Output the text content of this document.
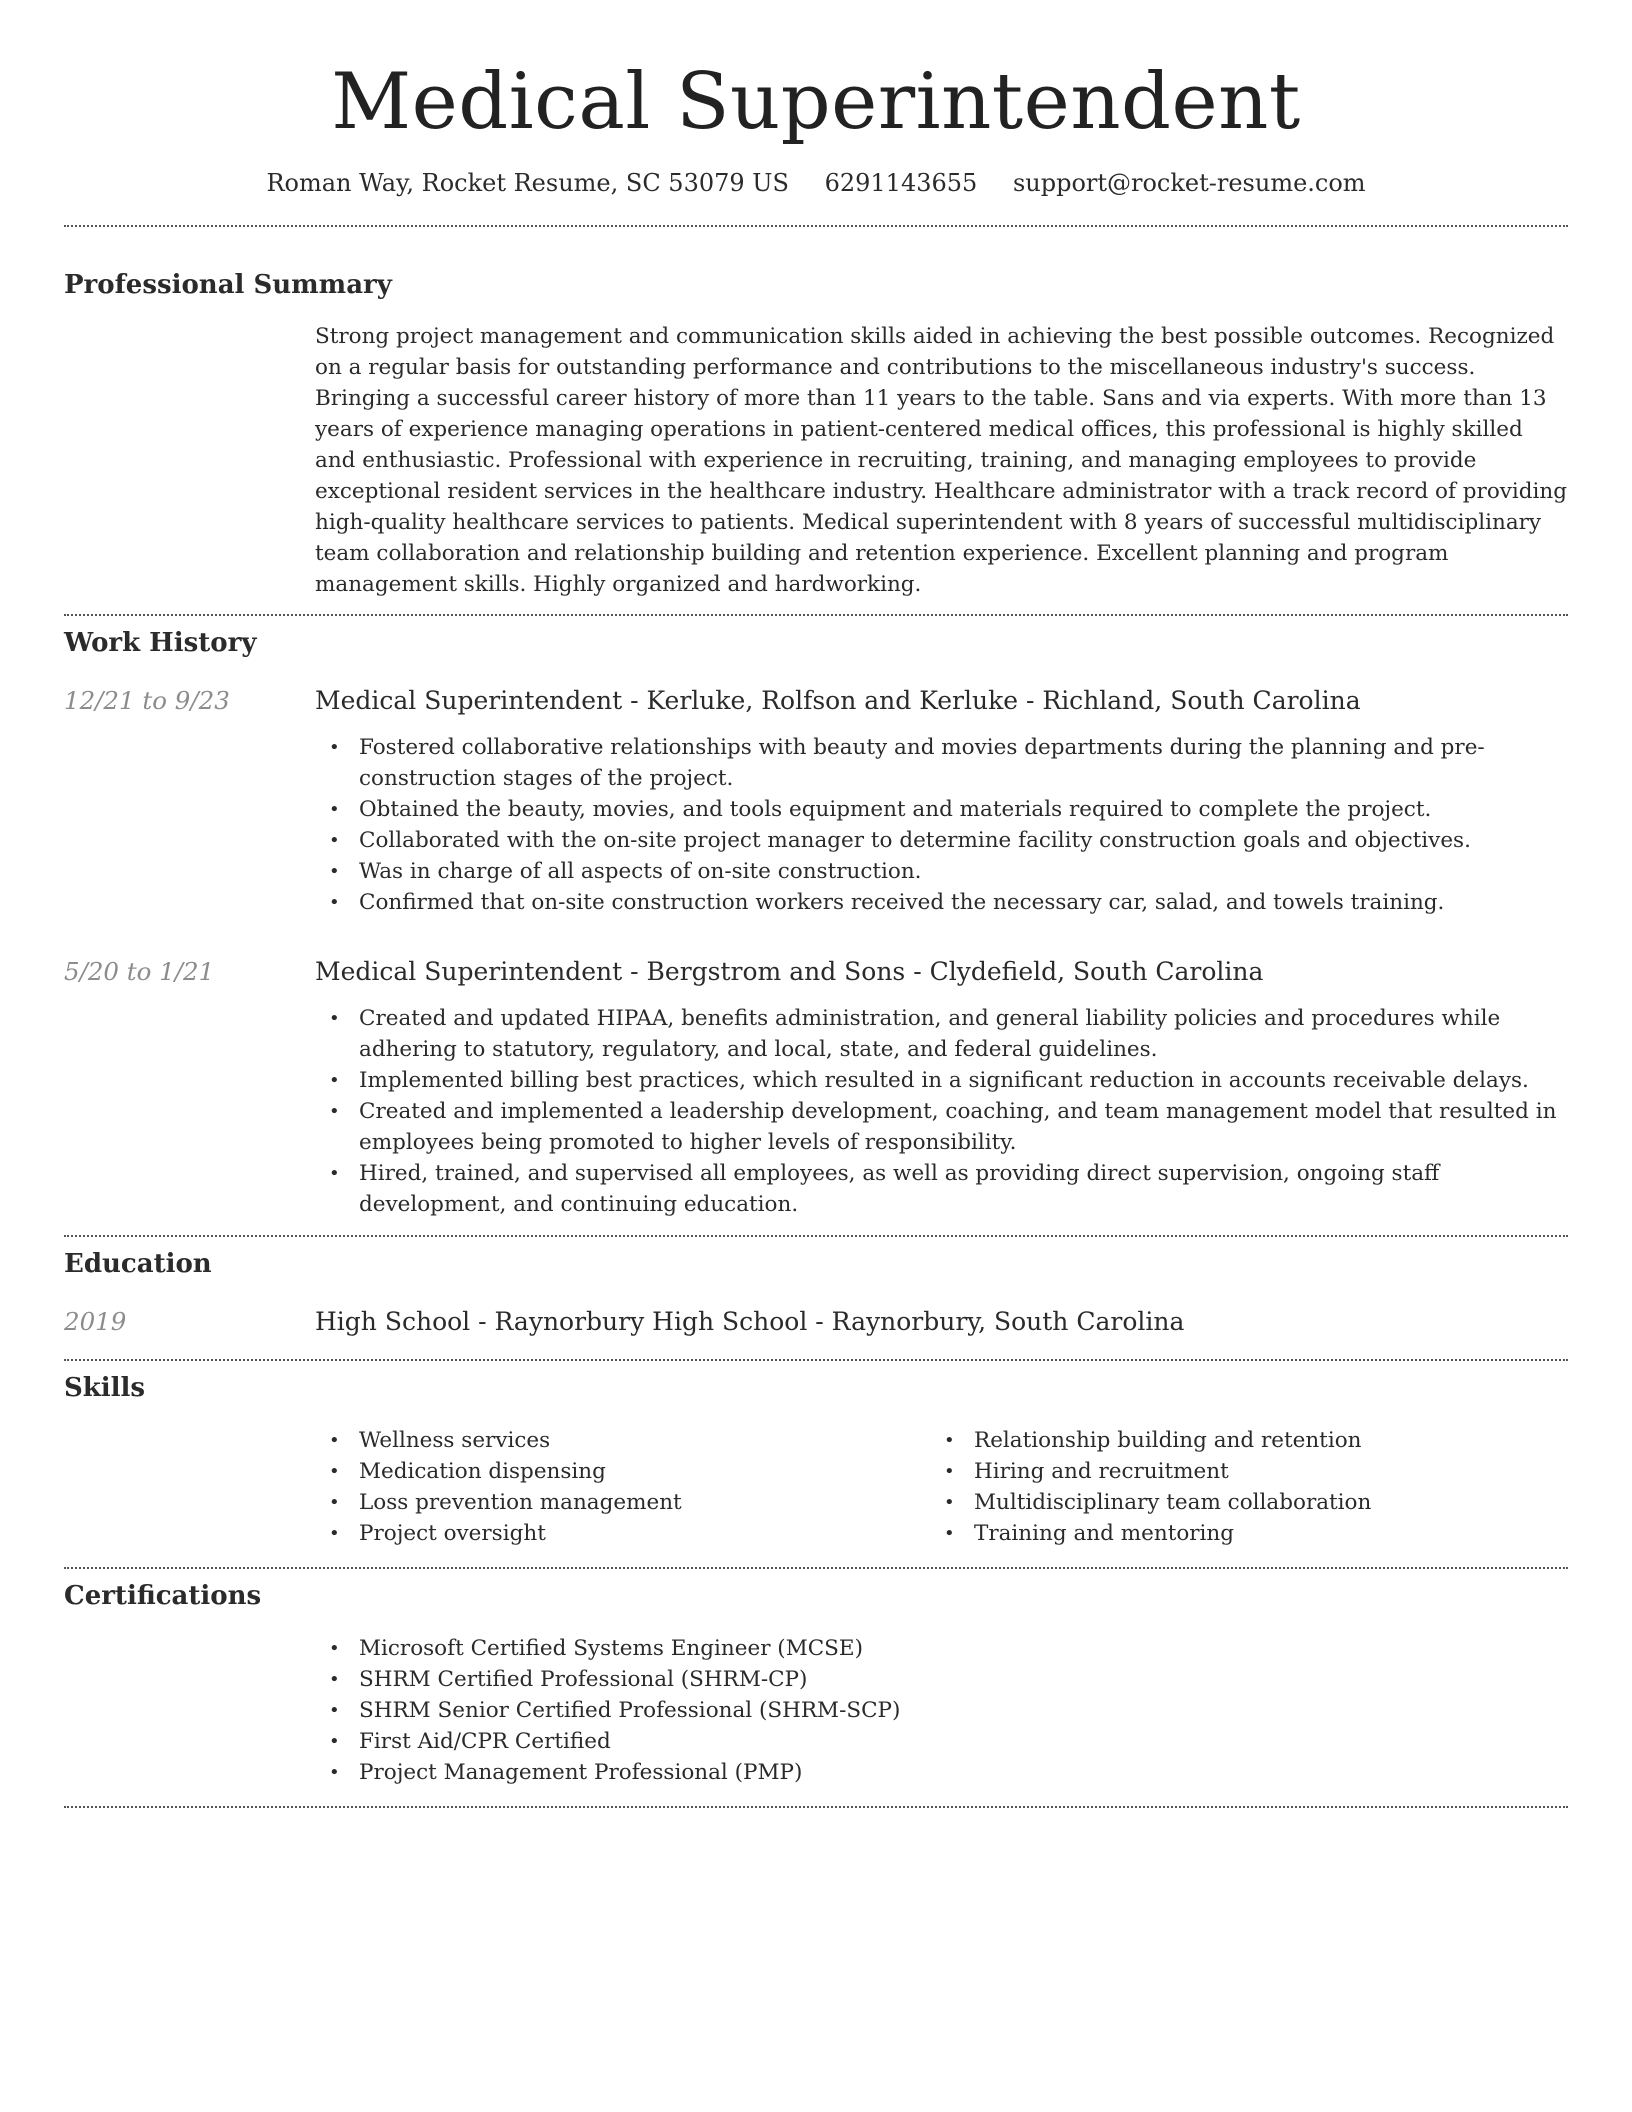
Medical Superintendent
Roman Way, Rocket Resume, SC 53079 US 6291143655 support@rocket-resume.com
Professional Summary

Strong project management and communication skills aided in achieving the best possible outcomes. Recognized on a regular basis for outstanding performance and contributions to the miscellaneous industry's success. Bringing a successful career history of more than 11 years to the table. Sans and via experts. With more than 13 years of experience managing operations in patient-centered medical offices, this professional is highly skilled and enthusiastic. Professional with experience in recruiting, training, and managing employees to provide exceptional resident services in the healthcare industry. Healthcare administrator with a track record of providing high-quality healthcare services to patients. Medical superintendent with 8 years of successful multidisciplinary team collaboration and relationship building and retention experience. Excellent planning and program management skills. Highly organized and hardworking.

Work History
12/21 to 9/23	Medical Superintendent - Kerluke, Rolfson and Kerluke - Richland, South Carolina
• Fostered collaborative relationships with beauty and movies departments during the planning and pre-construction stages of the project.
• Obtained the beauty, movies, and tools equipment and materials required to complete the project.
• Collaborated with the on-site project manager to determine facility construction goals and objectives.
• Was in charge of all aspects of on-site construction.
• Confirmed that on-site construction workers received the necessary car, salad, and towels training.
5/20 to 1/21	Medical Superintendent - Bergstrom and Sons - Clydefield, South Carolina
• Created and updated HIPAA, benefits administration, and general liability policies and procedures while adhering to statutory, regulatory, and local, state, and federal guidelines.
• Implemented billing best practices, which resulted in a significant reduction in accounts receivable delays.
• Created and implemented a leadership development, coaching, and team management model that resulted in employees being promoted to higher levels of responsibility.
• Hired, trained, and supervised all employees, as well as providing direct supervision, ongoing staff development, and continuing education.
Education
2019	High School - Raynorbury High School - Raynorbury, South Carolina
Skills
• Wellness services
• Medication dispensing
• Loss prevention management
• Project oversight
• Relationship building and retention
• Hiring and recruitment
• Multidisciplinary team collaboration
• Training and mentoring
Certifications
• Microsoft Certified Systems Engineer (MCSE)
• SHRM Certified Professional (SHRM-CP)
• SHRM Senior Certified Professional (SHRM-SCP)
• First Aid/CPR Certified
• Project Management Professional (PMP)
